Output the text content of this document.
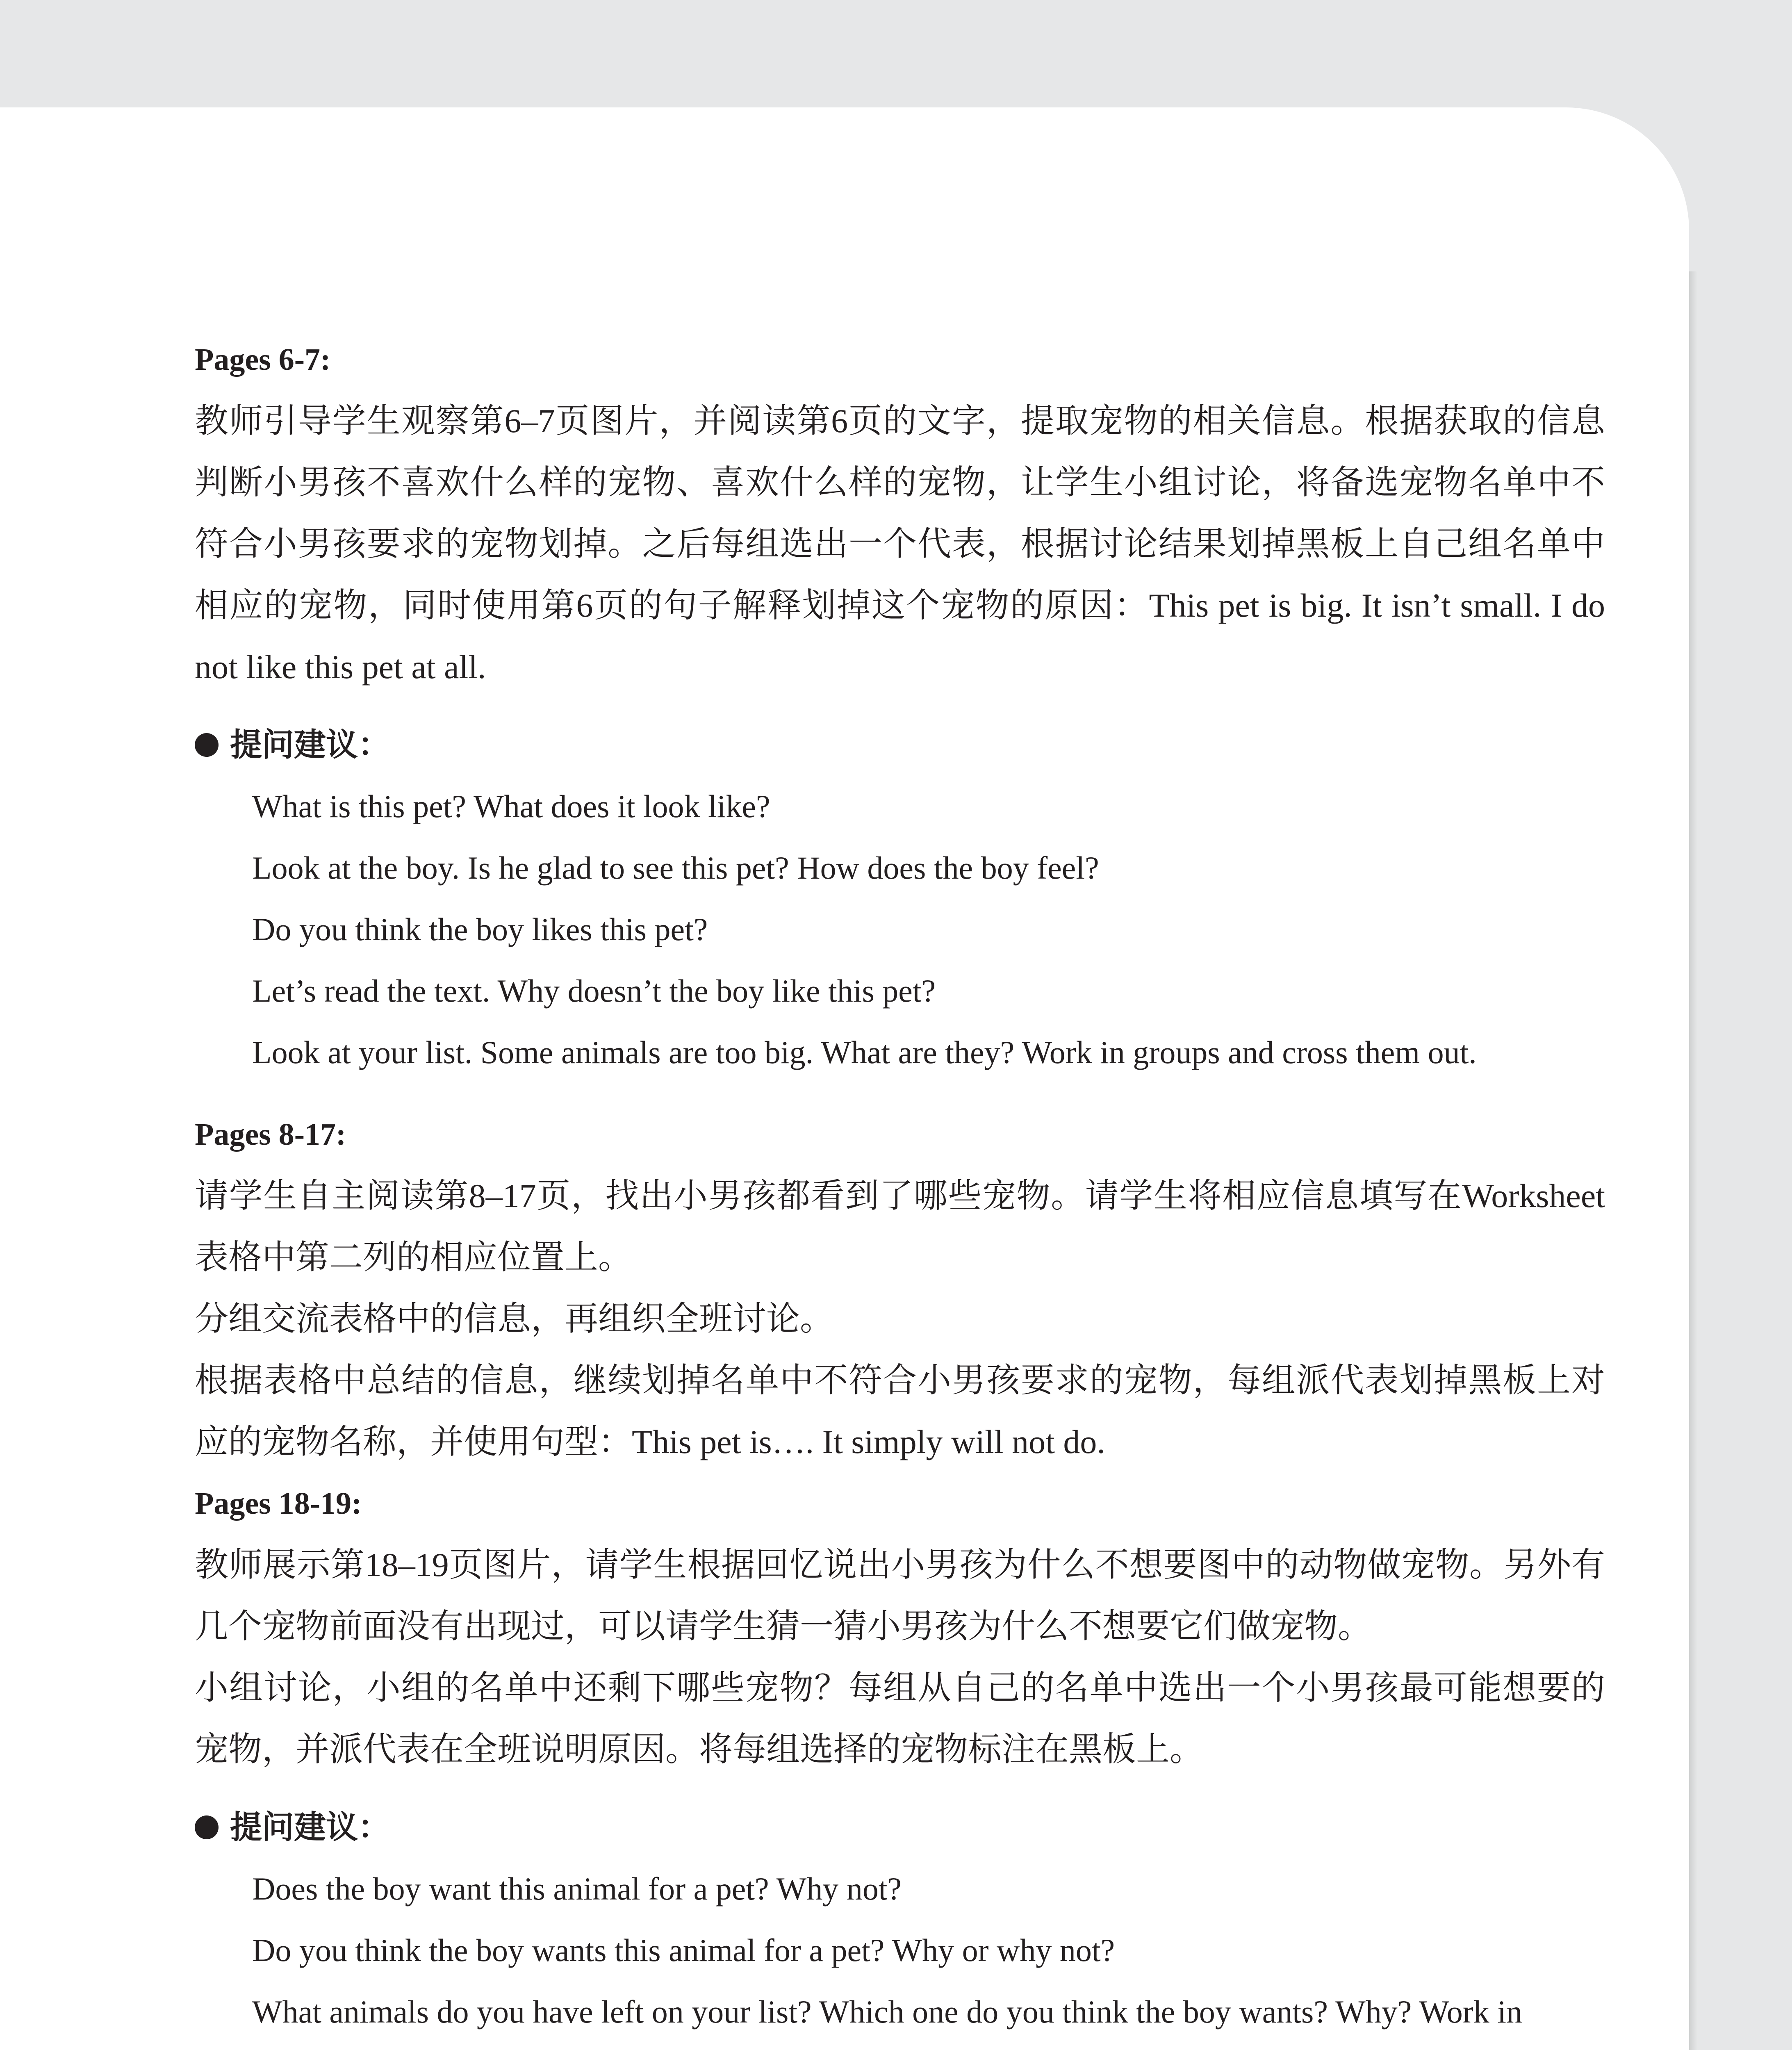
Pages 6-7:

教师引导学生观察第6–7页图片，并阅读第6页的文字，提取宠物的相关信息。根据获取的信息判断小男孩不喜欢什么样的宠物、喜欢什么样的宠物，让学生小组讨论，将备选宠物名单中不符合小男孩要求的宠物划掉。之后每组选出一个代表，根据讨论结果划掉黑板上自己组名单中相应的宠物，同时使用第6页的句子解释划掉这个宠物的原因：This pet is big. It isn’t small. I do not like this pet at all.

提问建议：

What is this pet? What does it look like?

Look at the boy. Is he glad to see this pet? How does the boy feel?

Do you think the boy likes this pet?

Let’s read the text. Why doesn’t the boy like this pet?

Look at your list. Some animals are too big. What are they? Work in groups and cross them out.

Pages 8-17:

请学生自主阅读第8–17页，找出小男孩都看到了哪些宠物。请学生将相应信息填写在Worksheet表格中第二列的相应位置上。

分组交流表格中的信息，再组织全班讨论。

根据表格中总结的信息，继续划掉名单中不符合小男孩要求的宠物，每组派代表划掉黑板上对应的宠物名称，并使用句型：This pet is…. It simply will not do.

Pages 18-19:

教师展示第18–19页图片，请学生根据回忆说出小男孩为什么不想要图中的动物做宠物。另外有几个宠物前面没有出现过，可以请学生猜一猜小男孩为什么不想要它们做宠物。

小组讨论，小组的名单中还剩下哪些宠物？每组从自己的名单中选出一个小男孩最可能想要的宠物，并派代表在全班说明原因。将每组选择的宠物标注在黑板上。

提问建议：

Does the boy want this animal for a pet? Why not?

Do you think the boy wants this animal for a pet? Why or why not?

What animals do you have left on your list? Which one do you think the boy wants? Why? Work in
